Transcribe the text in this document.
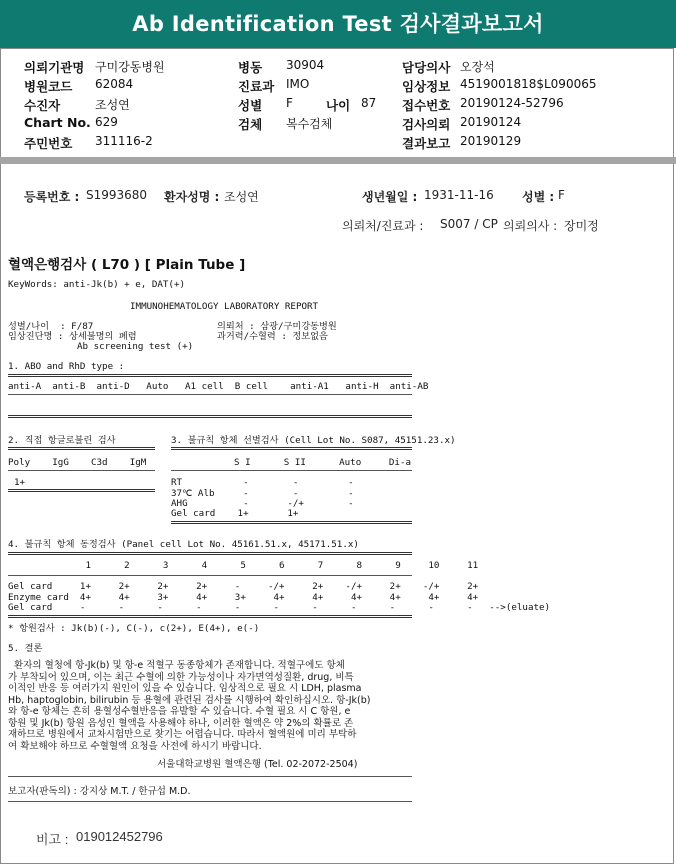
Ab Identification Test 검사결과보고서
의뢰기관명 구미강동병원	병동 30904	담당의사 오장석
병원코드 62084	진료과 IMO	임상정보 4519001818$L090065
수진자	조성연	성별 F	나이 87 접수번호 20190124-52796
Chart No. 629	검체 복수검체	검사의뢰 20190124
주민번호 311116-2	결과보고 20190129
등록번호 : S1993680 환자성명 : 조성연	생년월일 : 1931-11-16 성별 : F
의뢰처/진료과 : S007 / CP 의뢰의사 : 장미정
혈액은행검사 ( L70 ) [ Plain Tube ]
KeyWords: anti-Jk(b) + e, DAT(+)
IMMUNOHEMATOLOGY LABORATORY REPORT
성별/나이  : F/87	의뢰처 : 삼광/구미강동병원
임상진단명 : 상세불명의 폐렴	과거력/수혈력 : 정보없음
Ab screening test (+)
1. ABO and RhD type :
anti-A  anti-B  anti-D   Auto   A1 cell  B cell    anti-A1   anti-H  anti-AB
2. 직접 항글로불린 검사	3. 불규칙 항체 선별검사 (Cell Lot No. S087, 45151.23.x)
Poly    IgG    C3d    IgM	S I      S II      Auto     Di-a
1+	RT	-        -         -
37℃ Alb -        -         -
AHG	-       -/+        -
Gel card 1+       1+
4. 불규칙 항체 동정검사 (Panel cell Lot No. 45161.51.x, 45171.51.x)
1      2      3      4      5      6      7      8      9     10     11
Gel card     1+     2+     2+     2+     -     -/+     2+    -/+     2+    -/+     2+
Enzyme card  4+     4+     3+     4+     3+     4+     4+     4+     4+     4+     4+
Gel card     -      -      -      -      -      -      -      -      -      -      -   -->(eluate)
* 항원검사 : Jk(b)(-), C(-), c(2+), E(4+), e(-)
5. 결론
환자의 혈청에 항-Jk(b) 및 항-e 적혈구 동종항체가 존재합니다. 적혈구에도 항체
가 부착되어 있으며, 이는 최근 수혈에 의한 가능성이나 자가면역성질환, drug, 비특
이적인 반응 등 여러가지 원인이 있을 수 있습니다. 임상적으로 필요 시 LDH, plasma
Hb, haptoglobin, bilirubin 등 용혈에 관련된 검사를 시행하여 확인하십시오. 항-Jk(b)
와 항-e 항체는 흔히 용혈성수혈반응을 유발할 수 있습니다. 수혈 필요 시 C 항원, e
항원 및 Jk(b) 항원 음성인 혈액을 사용해야 하나, 이러한 혈액은 약 2%의 확률로 존
재하므로 병원에서 교차시험만으로 찾기는 어렵습니다. 따라서 혈액원에 미리 부탁하
여 확보해야 하므로 수혈혈액 요청을 사전에 하시기 바랍니다.
서울대학교병원 혈액은행 (Tel. 02-2072-2504)
보고자(판독의) : 강지상 M.T. / 한규섭 M.D.
비고 : 019012452796
